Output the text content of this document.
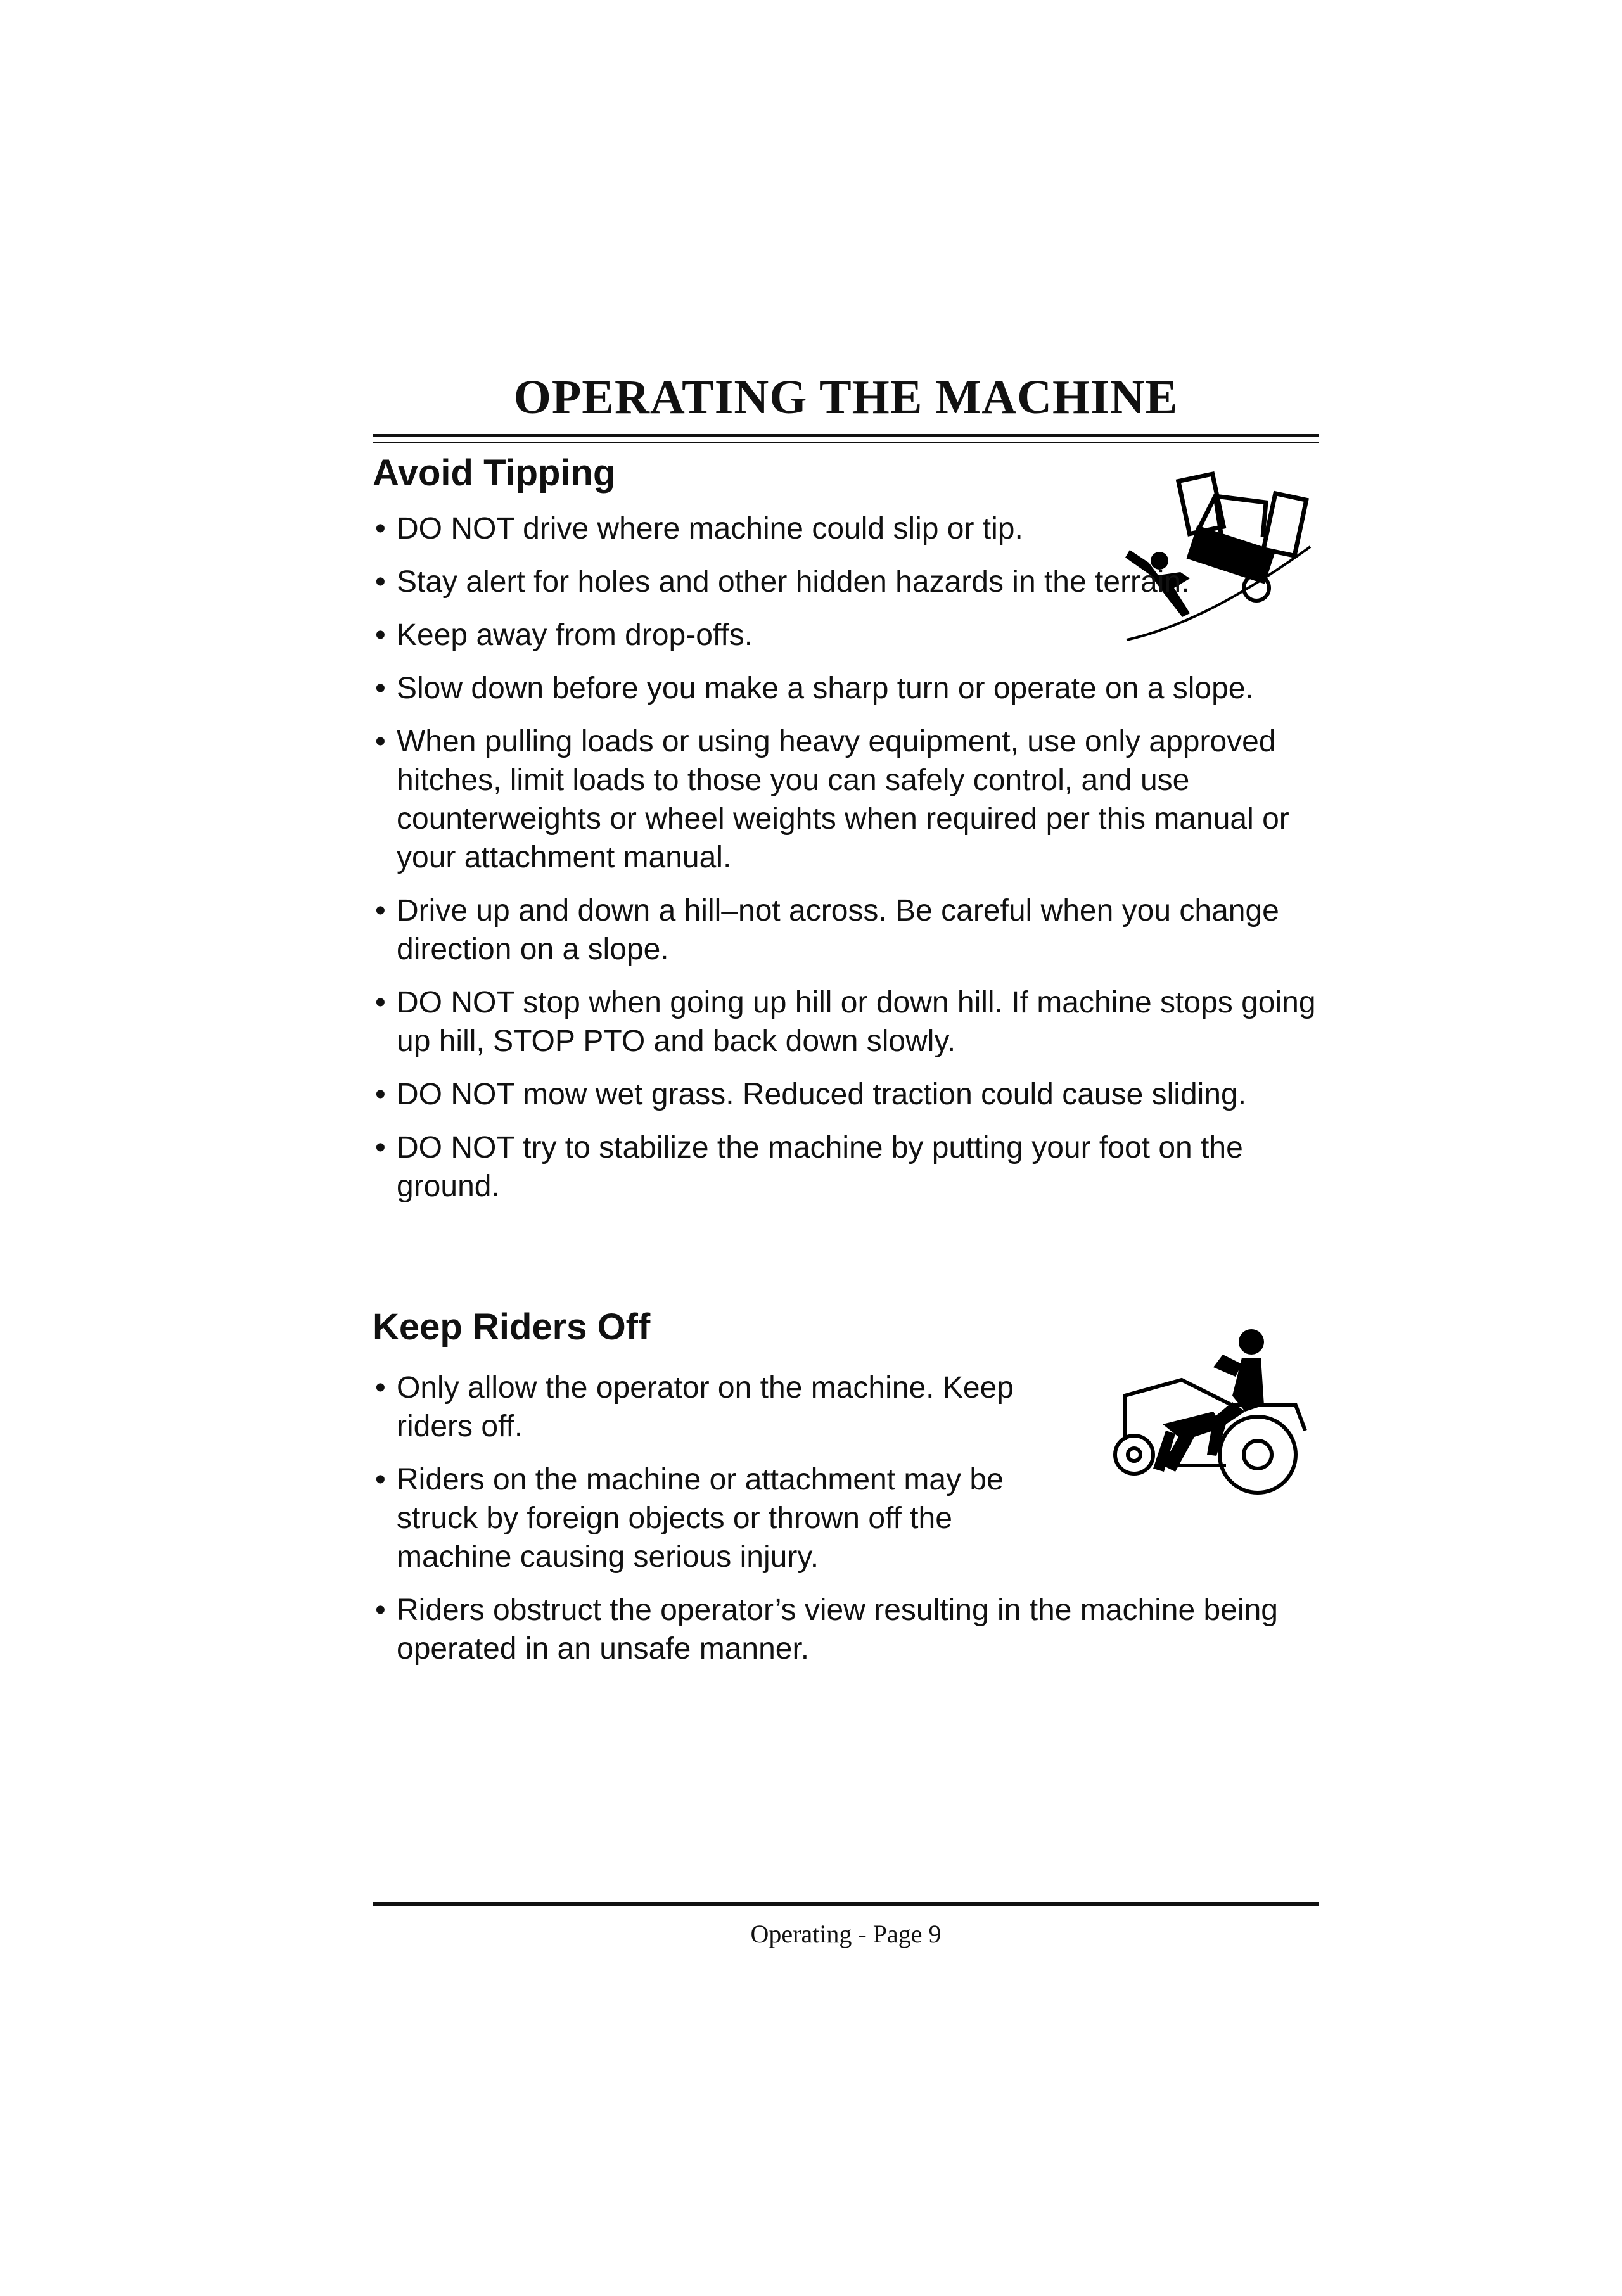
OPERATING THE MACHINE
Avoid Tipping
• DO NOT drive where machine could slip or tip.
• Stay alert for holes and other hidden hazards in the terrain.
• Keep away from drop-offs.
• Slow down before you make a sharp turn or operate on a slope.
• When pulling loads or using heavy equipment, use only approved hitches, limit loads to those you can safely control, and use counterweights or wheel weights when required per this manual or your attachment manual.
• Drive up and down a hill–not across. Be careful when you change direction on a slope.
• DO NOT stop when going up hill or down hill. If machine stops going up hill, STOP PTO and back down slowly.
• DO NOT mow wet grass. Reduced traction could cause sliding.
• DO NOT try to stabilize the machine by putting your foot on the ground.
Keep Riders Off
• Only allow the operator on the machine. Keep riders off.
• Riders on the machine or attachment may be struck by foreign objects or thrown off the machine causing serious injury.
• Riders obstruct the operator’s view resulting in the machine being operated in an unsafe manner.
Operating - Page 9
